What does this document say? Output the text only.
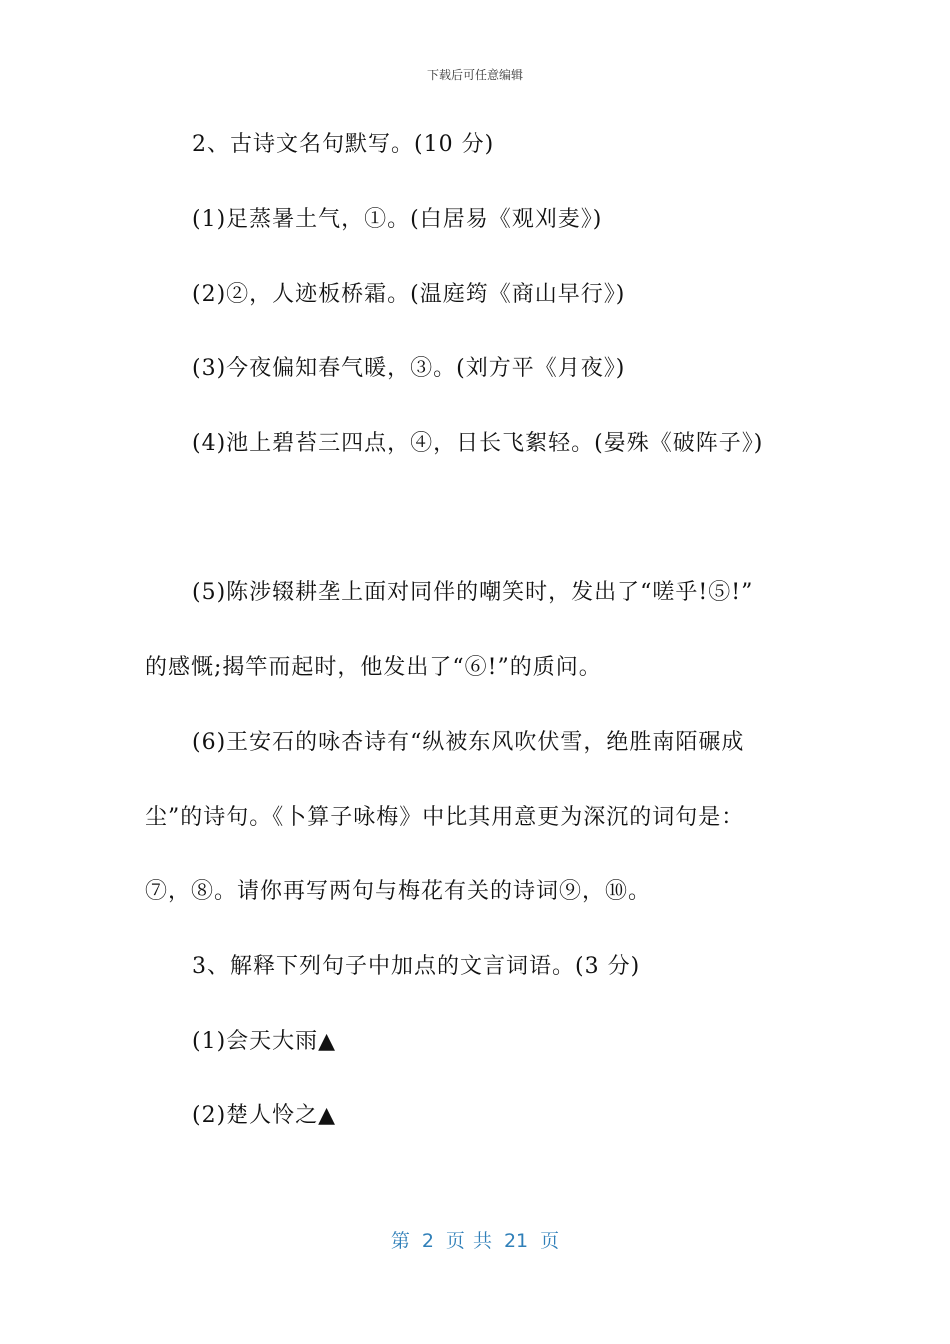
下载后可任意编辑
2、古诗文名句默写。(10 分)
(1)足蒸暑土气，①。(白居易《观刈麦》)
(2)②，人迹板桥霜。(温庭筠《商山早行》)
(3)今夜偏知春气暖，③。(刘方平《月夜》)
(4)池上碧苔三四点，④，日长飞絮轻。(晏殊《破阵子》)
(5)陈涉辍耕垄上面对同伴的嘲笑时，发出了“嗟乎!⑤!”
的感慨;揭竿而起时，他发出了“⑥!”的质问。
(6)王安石的咏杏诗有“纵被东风吹伏雪，绝胜南陌碾成
尘”的诗句。《卜算子咏梅》中比其用意更为深沉的词句是：
⑦，⑧。请你再写两句与梅花有关的诗词⑨，⑩。
3、解释下列句子中加点的文言词语。(3 分)
(1)会天大雨▲
(2)楚人怜之▲
第 2 页 共 21 页
